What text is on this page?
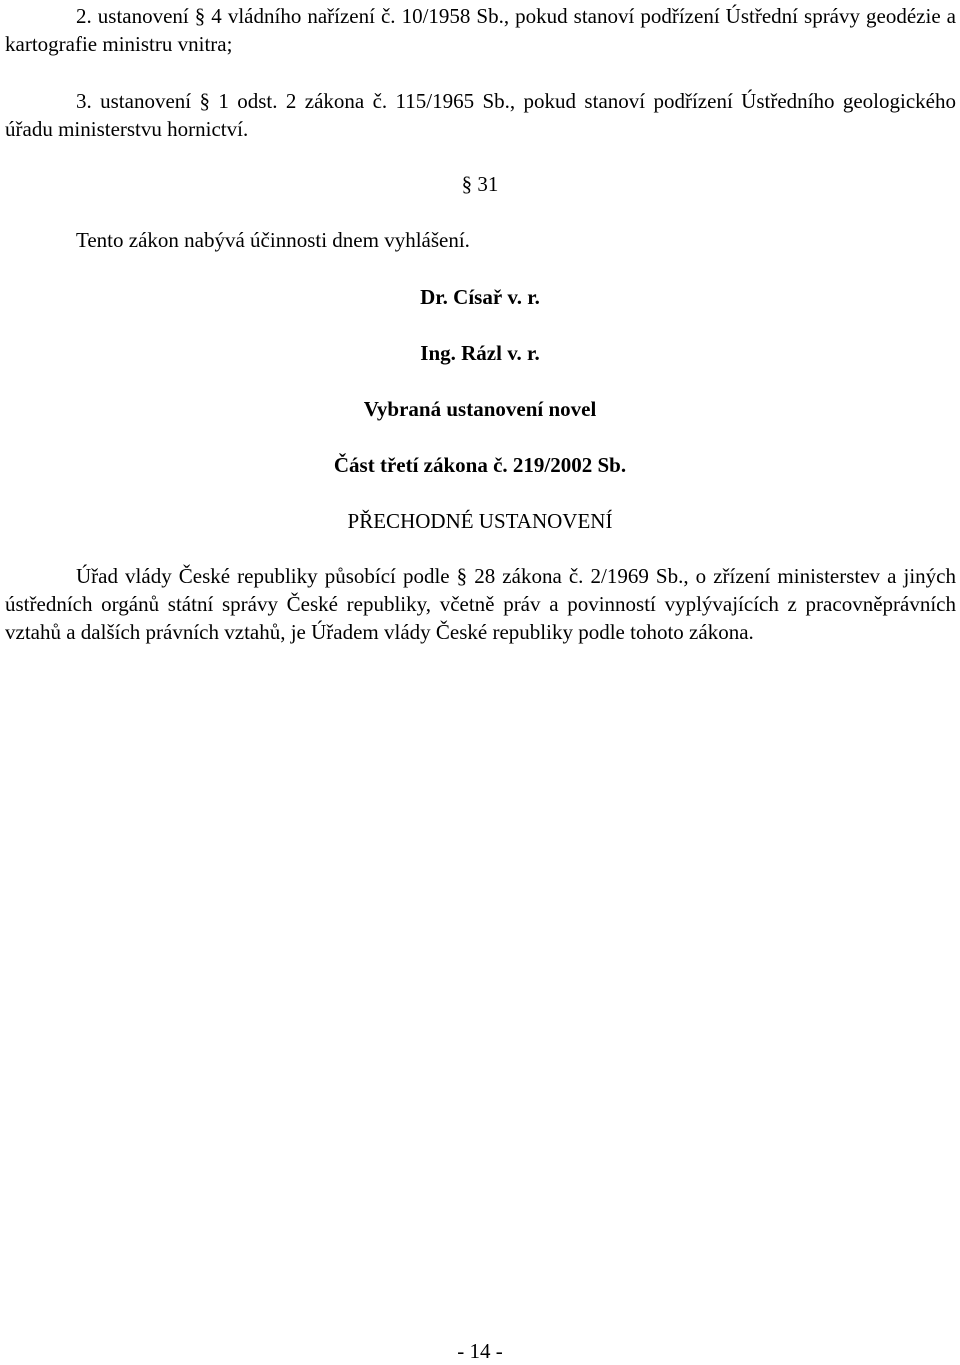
2. ustanovení § 4 vládního nařízení č. 10/1958 Sb., pokud stanoví podřízení Ústřední správy geodézie a kartografie ministru vnitra;

3. ustanovení § 1 odst. 2 zákona č. 115/1965 Sb., pokud stanoví podřízení Ústředního geologického úřadu ministerstvu hornictví.

§ 31

Tento zákon nabývá účinnosti dnem vyhlášení.

Dr. Císař v. r.

Ing. Rázl v. r.

Vybraná ustanovení novel

Část třetí zákona č. 219/2002 Sb.

PŘECHODNÉ USTANOVENÍ

Úřad vlády České republiky působící podle § 28 zákona č. 2/1969 Sb., o zřízení ministerstev a jiných ústředních orgánů státní správy České republiky, včetně práv a povinností vyplývajících z pracovněprávních vztahů a dalších právních vztahů, je Úřadem vlády České republiky podle tohoto zákona.

- 14 -
